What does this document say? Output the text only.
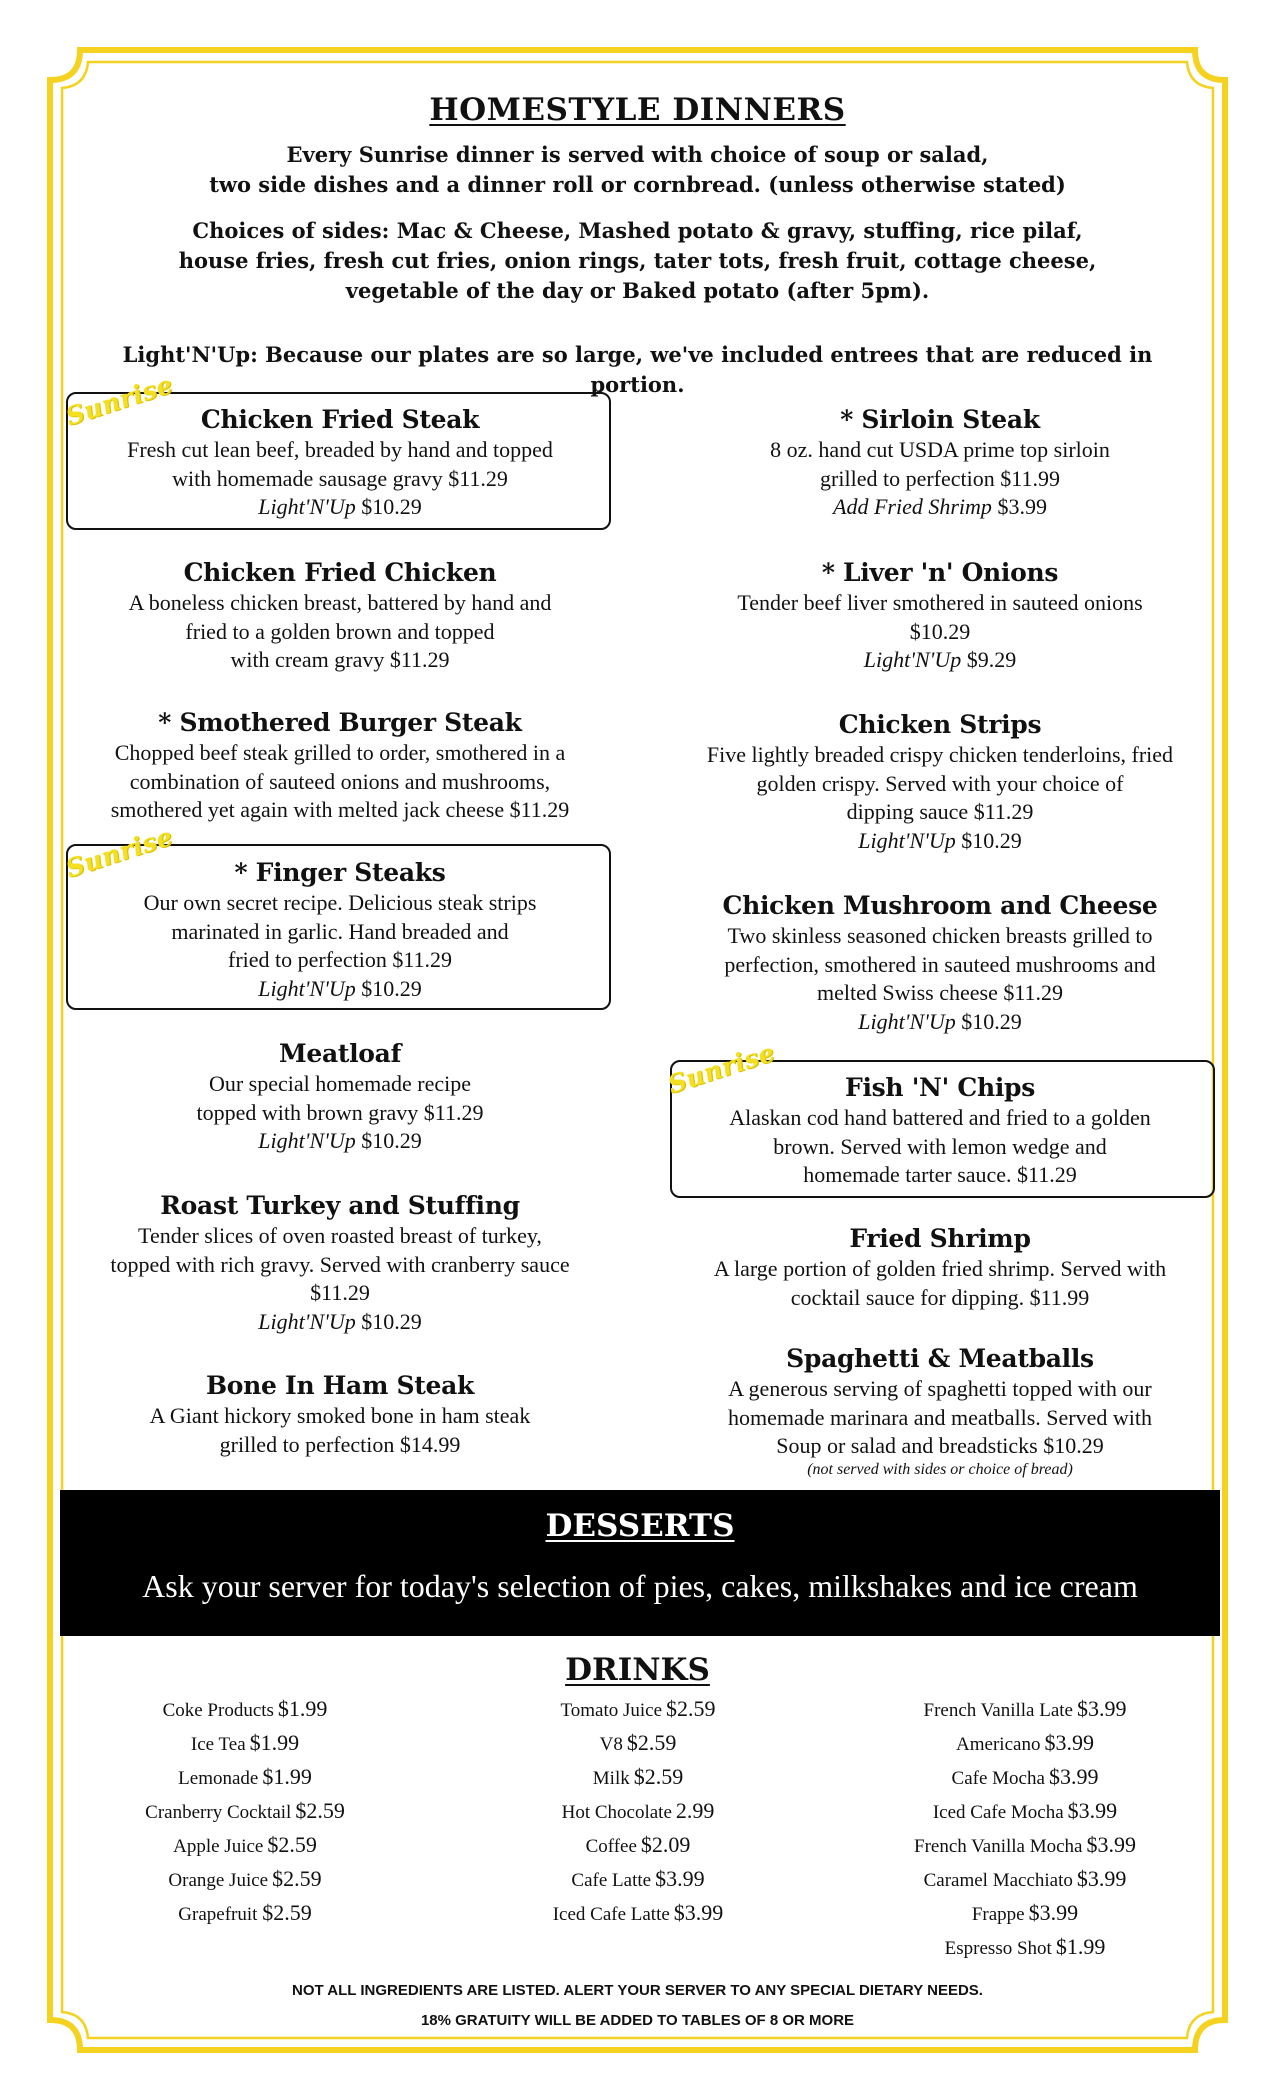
HOMESTYLE DINNERS
Every Sunrise dinner is served with choice of soup or salad,
two side dishes and a dinner roll or cornbread. (unless otherwise stated)
Choices of sides: Mac & Cheese, Mashed potato & gravy, stuffing, rice pilaf,
house fries, fresh cut fries, onion rings, tater tots, fresh fruit, cottage cheese,
vegetable of the day or Baked potato (after 5pm).
Light'N'Up: Because our plates are so large, we've included entrees that are reduced in portion.
Sunrise
Sunrise
Sunrise
Chicken Fried Steak
Fresh cut lean beef, breaded by hand and topped
with homemade sausage gravy $11.29
Light'N'Up $10.29
Chicken Fried Chicken
A boneless chicken breast, battered by hand and
fried to a golden brown and topped
with cream gravy $11.29
* Smothered Burger Steak
Chopped beef steak grilled to order, smothered in a
combination of sauteed onions and mushrooms,
smothered yet again with melted jack cheese $11.29
* Finger Steaks
Our own secret recipe. Delicious steak strips
marinated in garlic. Hand breaded and
fried to perfection $11.29
Light'N'Up $10.29
Meatloaf
Our special homemade recipe
topped with brown gravy $11.29
Light'N'Up $10.29
Roast Turkey and Stuffing
Tender slices of oven roasted breast of turkey,
topped with rich gravy. Served with cranberry sauce
$11.29
Light'N'Up $10.29
Bone In Ham Steak
A Giant hickory smoked bone in ham steak
grilled to perfection $14.99
* Sirloin Steak
8 oz. hand cut USDA prime top sirloin
grilled to perfection $11.99
Add Fried Shrimp $3.99
* Liver 'n' Onions
Tender beef liver smothered in sauteed onions
$10.29
Light'N'Up $9.29
Chicken Strips
Five lightly breaded crispy chicken tenderloins, fried
golden crispy. Served with your choice of
dipping sauce $11.29
Light'N'Up $10.29
Chicken Mushroom and Cheese
Two skinless seasoned chicken breasts grilled to
perfection, smothered in sauteed mushrooms and
melted Swiss cheese $11.29
Light'N'Up $10.29
Fish 'N' Chips
Alaskan cod hand battered and fried to a golden
brown. Served with lemon wedge and
homemade tarter sauce. $11.29
Fried Shrimp
A large portion of golden fried shrimp. Served with
cocktail sauce for dipping. $11.99
Spaghetti & Meatballs
A generous serving of spaghetti topped with our
homemade marinara and meatballs. Served with
Soup or salad and breadsticks $10.29
(not served with sides or choice of bread)
DESSERTS
Ask your server for today's selection of pies, cakes, milkshakes and ice cream
DRINKS
Coke Products $1.99
Ice Tea $1.99
Lemonade $1.99
Cranberry Cocktail $2.59
Apple Juice $2.59
Orange Juice $2.59
Grapefruit $2.59
Tomato Juice $2.59
V8 $2.59
Milk $2.59
Hot Chocolate 2.99
Coffee $2.09
Cafe Latte $3.99
Iced Cafe Latte $3.99
French Vanilla Late $3.99
Americano $3.99
Cafe Mocha $3.99
Iced Cafe Mocha $3.99
French Vanilla Mocha $3.99
Caramel Macchiato $3.99
Frappe $3.99
Espresso Shot $1.99
NOT ALL INGREDIENTS ARE LISTED. ALERT YOUR SERVER TO ANY SPECIAL DIETARY NEEDS.
18% GRATUITY WILL BE ADDED TO TABLES OF 8 OR MORE
